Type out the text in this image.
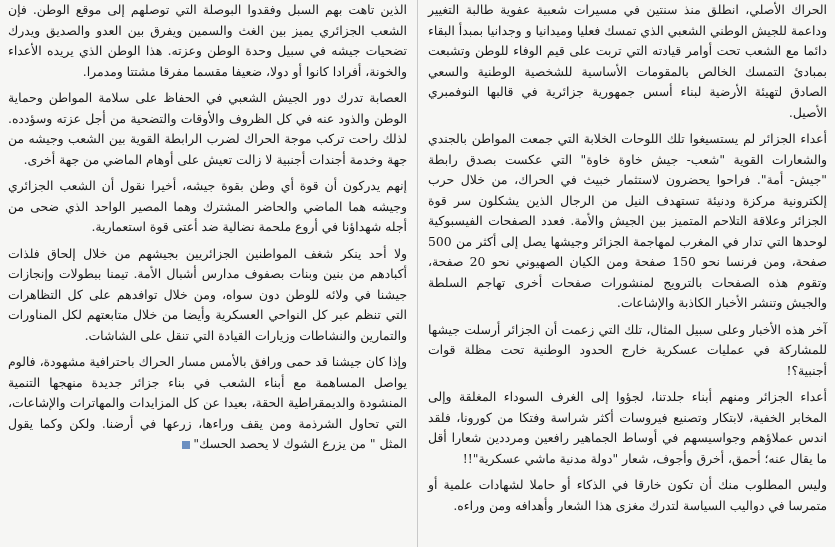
الحراك الأصلي، انطلق منذ سنتين في مسيرات شعبية عفوية طالبة التغيير وداعمة للجيش الوطني الشعبي الذي تمسك فعليا وميدانيا و وجدانيا بمبدأ البقاء دائما مع الشعب تحت أوامر قيادته التي تربت على قيم الوفاء للوطن وتشبعت بمبادئ التمسك الخالص بالمقومات الأساسية للشخصية الوطنية والسعي الصادق لتهيئة الأرضية لبناء أسس جمهورية جزائرية في قالبها النوفمبري الأصيل.

أعداء الجزائر لم يستسيغوا تلك اللوحات الخلابة التي جمعت المواطن بالجندي والشعارات القوية "شعب- جيش خاوة خاوة" التي عكست بصدق رابطة "جيش- أمة". فراحوا يحضرون لاستثمار خبيث في الحراك، من خلال حرب إلكترونية مركزة ودنيئة تستهدف النيل من الرجال الذين يشكلون سر قوة الجزائر وعلاقة التلاحم المتميز بين الجيش والأمة. فعدد الصفحات الفيسبوكية لوحدها التي تدار في المغرب لمهاجمة الجزائر وجيشها يصل إلى أكثر من 500 صفحة، ومن فرنسا نحو 150 صفحة ومن الكيان الصهيوني نحو 20 صفحة، وتقوم هذه الصفحات بالترويج لمنشورات صفحات أخرى تهاجم السلطة والجيش وتنشر الأخبار الكاذبة والإشاعات.

آخر هذه الأخبار وعلى سبيل المثال، تلك التي زعمت أن الجزائر أرسلت جيشها للمشاركة في عمليات عسكرية خارج الحدود الوطنية تحت مظلة قوات أجنبية؟!

أعداء الجزائر ومنهم أبناء جلدتنا، لجؤوا إلى الغرف السوداء المغلقة وإلى المخابر الخفية، لابتكار وتصنيع فيروسات أكثر شراسة وفتكا من كورونا، فلقد اندس عملاؤهم وجواسيسهم في أوساط الجماهير رافعين ومرددين شعارا أقل ما يقال عنه؛ أحمق، أخرق وأجوف، شعار "دولة مدنية ماشي عسكرية"!!

وليس المطلوب منك أن تكون خارقا في الذكاء أو حاملا لشهادات علمية أو متمرسا في دواليب السياسة لتدرك مغزى هذا الشعار وأهدافه ومن وراءه.

الذين تاهت بهم السبل وفقدوا البوصلة التي توصلهم إلى موقع الوطن. فإن الشعب الجزائري يميز بين الغث والسمين ويفرق بين العدو والصديق ويدرك تضحيات جيشه في سبيل وحدة الوطن وعزته. هذا الوطن الذي يريده الأعداء والخونة، أفرادا كانوا أو دولا، ضعيفا مقسما مفرقا مشتتا ومدمرا.

العصابة تدرك دور الجيش الشعبي في الحفاظ على سلامة المواطن وحماية الوطن والذود عنه في كل الظروف والأوقات والتضحية من أجل عزته وسؤدده. لذلك راحت تركب موجة الحراك لضرب الرابطة القوية بين الشعب وجيشه من جهة وخدمة أجندات أجنبية لا زالت تعيش على أوهام الماضي من جهة أخرى.

إنهم يدركون أن قوة أي وطن بقوة جيشه، أخيرا نقول أن الشعب الجزائري وجيشه هما الماضي والحاضر المشترك وهما المصير الواحد الذي ضحى من أجله شهداؤنا في أروع ملحمة نضالية ضد أعتى قوة استعمارية.

ولا أحد ينكر شغف المواطنين الجزائريين بجيشهم من خلال إلحاق فلذات أكبادهم من بنين وبنات بصفوف مدارس أشبال الأمة. تيمنا ببطولات وإنجازات جيشنا في ولائه للوطن دون سواه، ومن خلال توافدهم على كل التظاهرات التي تنظم عبر كل النواحي العسكرية وأيضا من خلال متابعتهم لكل المناورات والتمارين والنشاطات وزيارات القيادة التي تنقل على الشاشات.

وإذا كان جيشنا قد حمى ورافق بالأمس مسار الحراك باحترافية مشهودة، فالوم يواصل المساهمة مع أبناء الشعب في بناء جزائر جديدة منهجها التنمية المنشودة والديمقراطية الحقة، بعيدا عن كل المزايدات والمهاترات والإشاعات، التي تحاول الشرذمة ومن يقف وراءها، زرعها في أرضنا. ولكن وكما يقول المثل " من يزرع الشوك لا يحصد الحسك"
